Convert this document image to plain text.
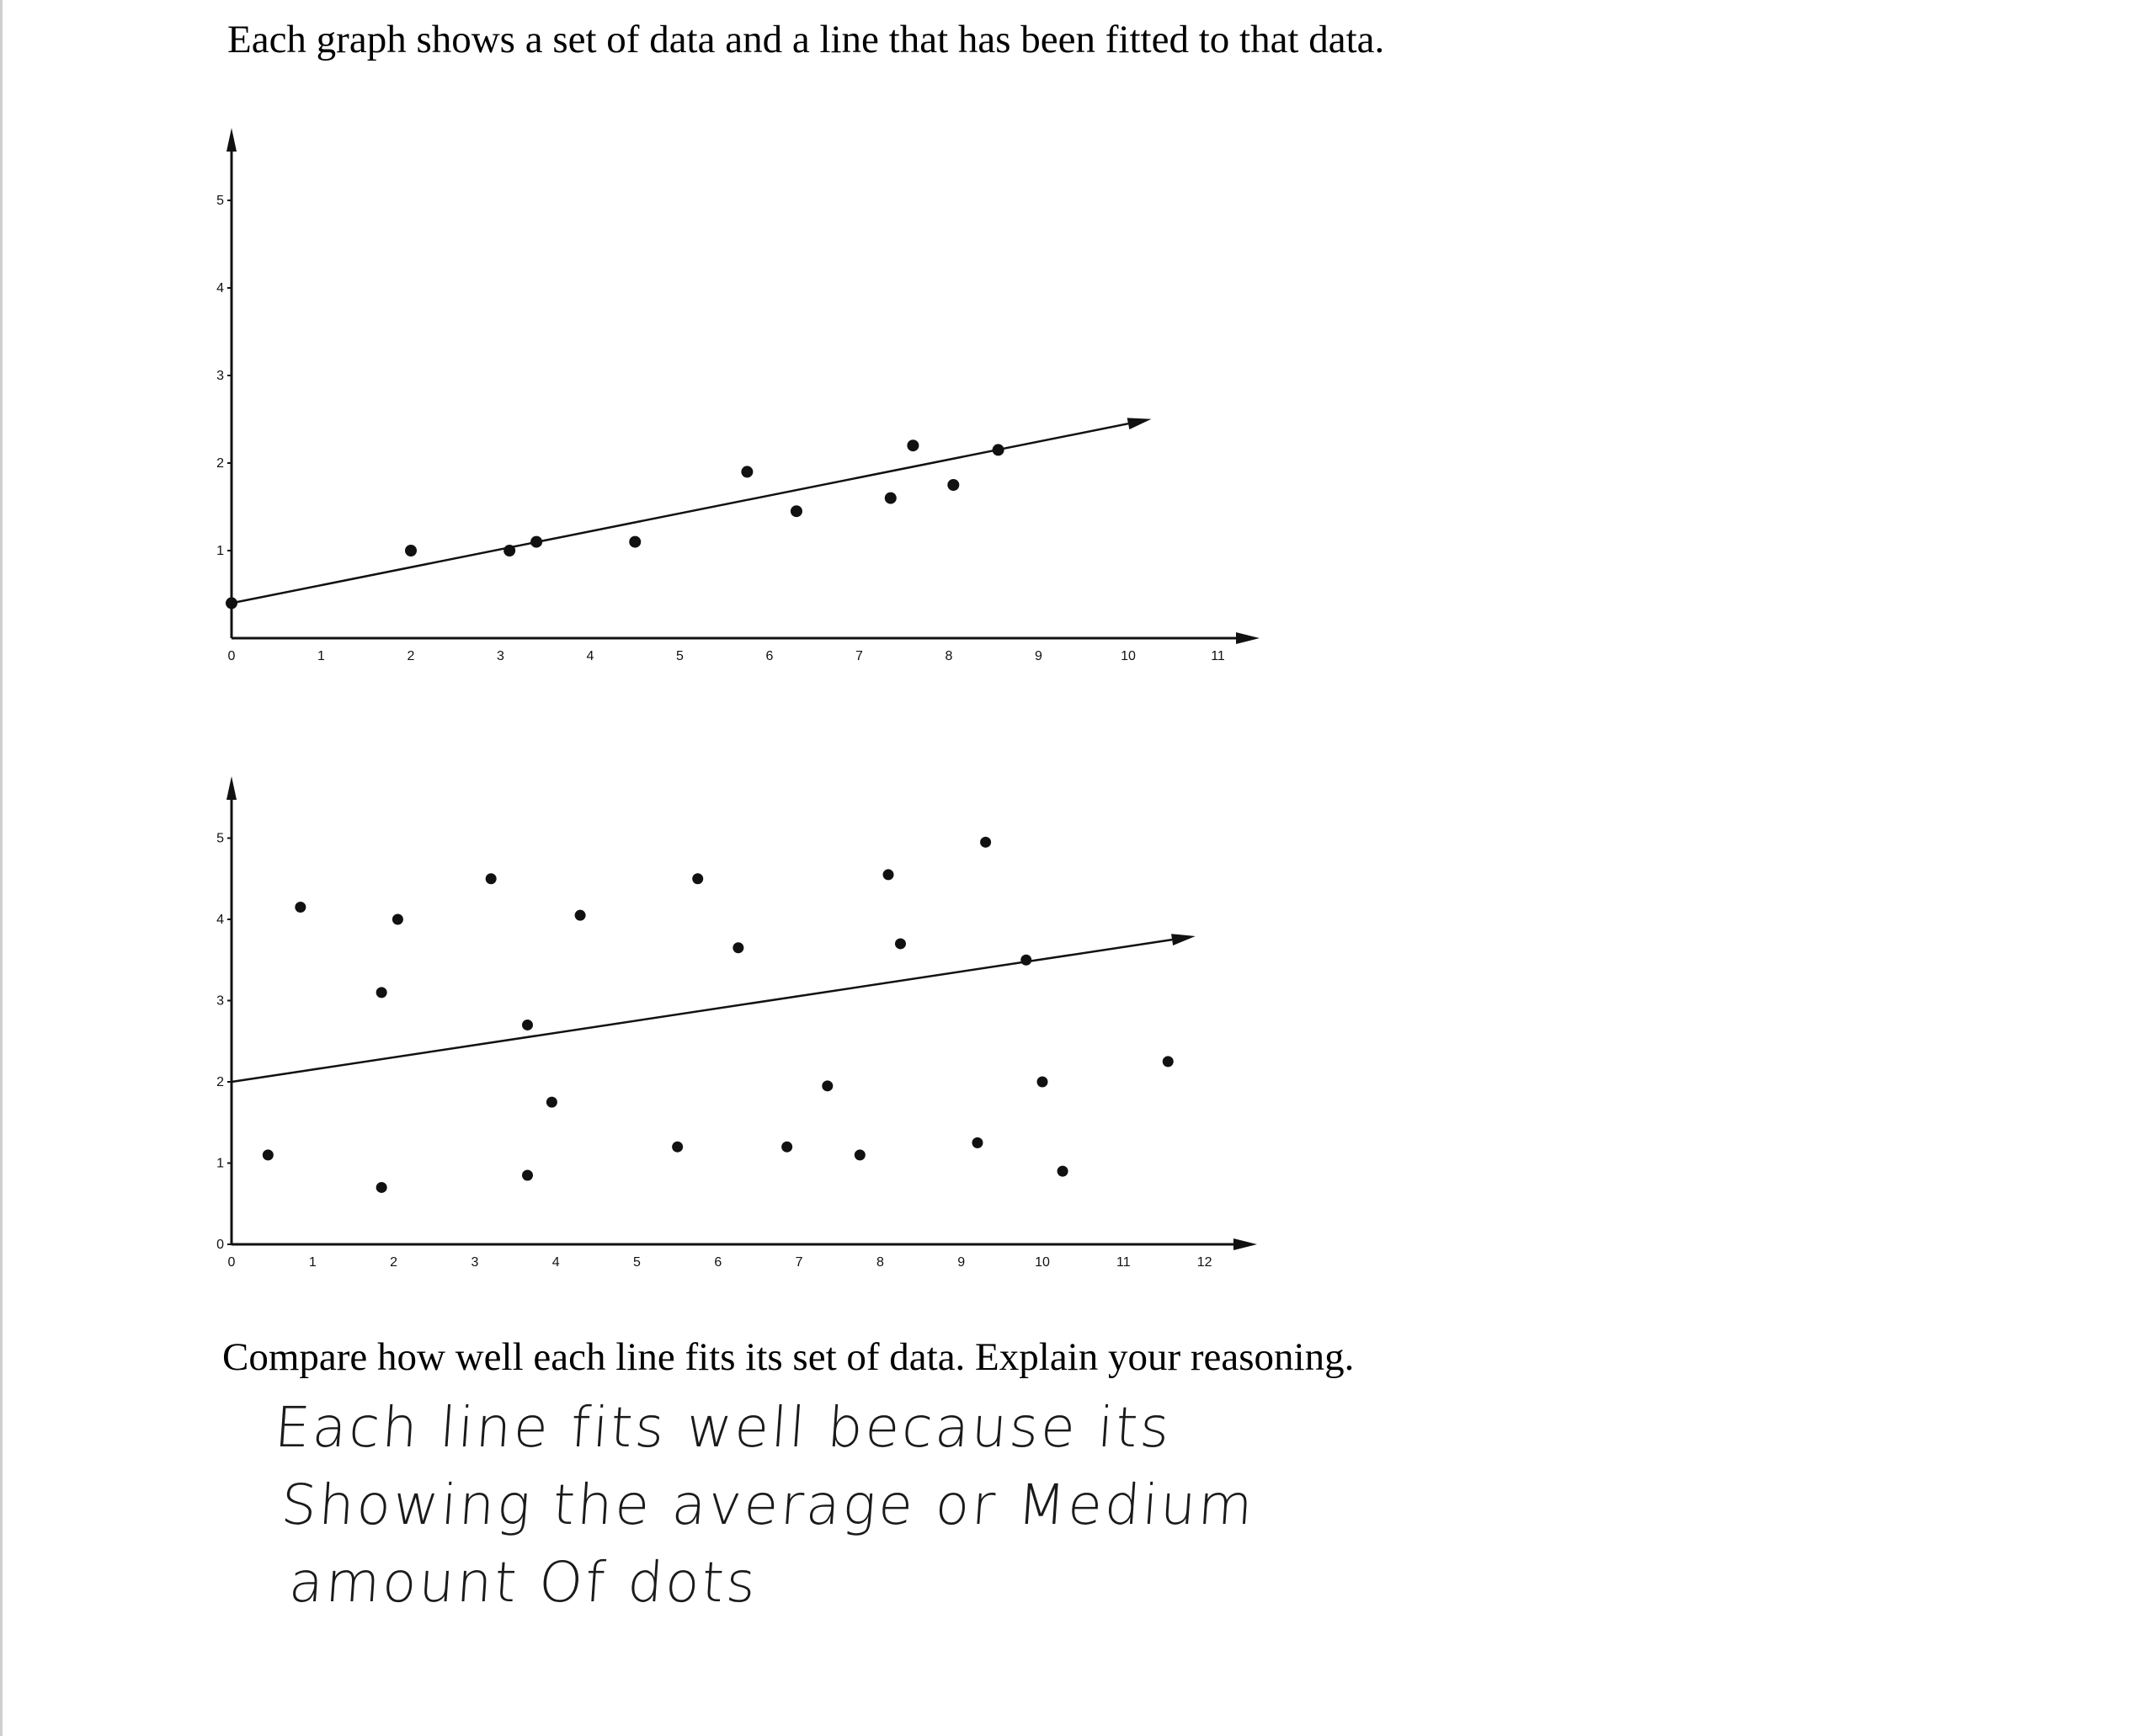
Each graph shows a set of data and a line that has been fitted to that data.
0	1	2	3	4	5	6	7	8	9	10	11
1
2
3
4
5
0	1	2	3	4	5	6	7	8	9	10	11	12
0
1
2
3
4
5
Compare how well each line fits its set of data. Explain your reasoning.
Each line fits well because its
Showing the average or Medium
amount Of dots
